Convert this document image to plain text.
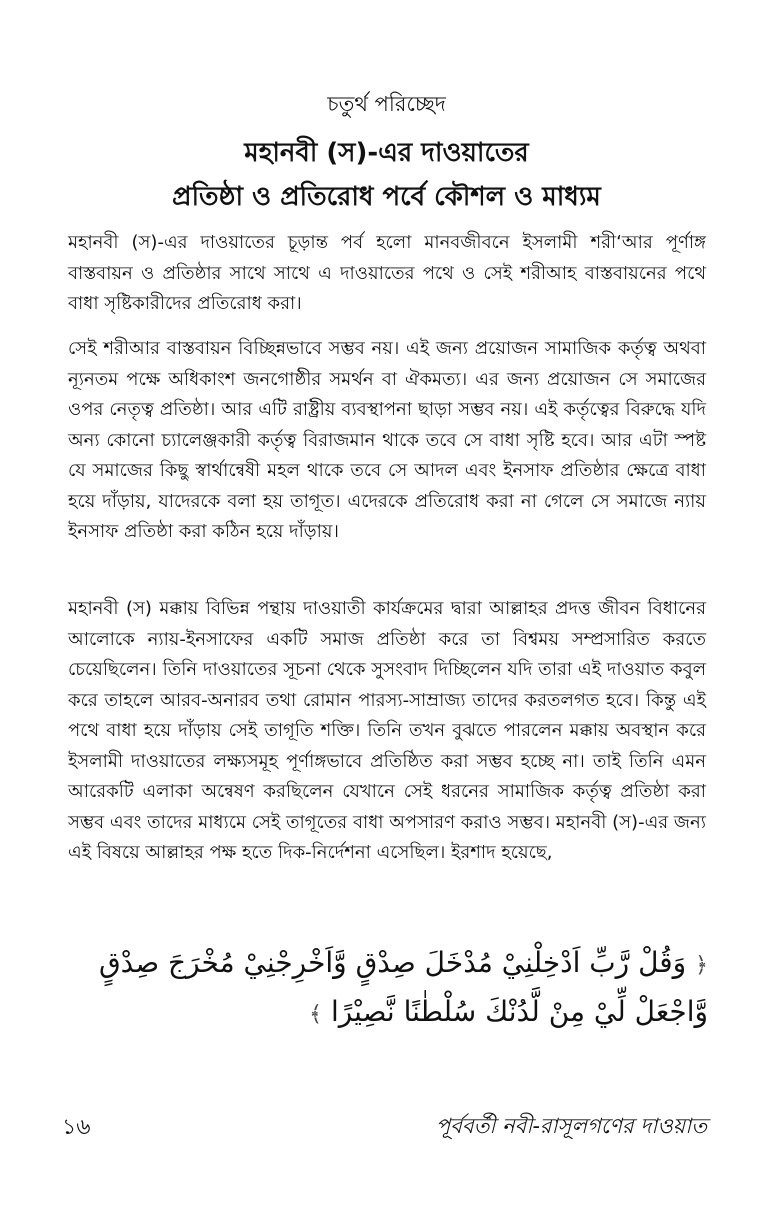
চতুর্থ পরিচ্ছেদ
মহানবী (স)-এর দাওয়াতের
প্রতিষ্ঠা ও প্রতিরোধ পর্বে কৌশল ও মাধ্যম

মহানবী (স)-এর দাওয়াতের চূড়ান্ত পর্ব হলো মানবজীবনে ইসলামী শরী‘আর পূর্ণাঙ্গ বাস্তবায়ন ও প্রতিষ্ঠার সাথে সাথে এ দাওয়াতের পথে ও সেই শরীআহ বাস্তবায়নের পথে বাধা সৃষ্টিকারীদের প্রতিরোধ করা।

সেই শরীআর বাস্তবায়ন বিচ্ছিন্নভাবে সম্ভব নয়। এই জন্য প্রয়োজন সামাজিক কর্তৃত্ব অথবা ন্যূনতম পক্ষে অধিকাংশ জনগোষ্ঠীর সমর্থন বা ঐকমত্য। এর জন্য প্রয়োজন সে সমাজের ওপর নেতৃত্ব প্রতিষ্ঠা। আর এটি রাষ্ট্রীয় ব্যবস্থাপনা ছাড়া সম্ভব নয়। এই কর্তৃত্বের বিরুদ্ধে যদি অন্য কোনো চ্যালেঞ্জকারী কর্তৃত্ব বিরাজমান থাকে তবে সে বাধা সৃষ্টি হবে। আর এটা স্পষ্ট যে সমাজের কিছু স্বার্থান্বেষী মহল থাকে তবে সে আদল এবং ইনসাফ প্রতিষ্ঠার ক্ষেত্রে বাধা হয়ে দাঁড়ায়, যাদেরকে বলা হয় তাগূত। এদেরকে প্রতিরোধ করা না গেলে সে সমাজে ন্যায় ইনসাফ প্রতিষ্ঠা করা কঠিন হয়ে দাঁড়ায়।

মহানবী (স) মক্কায় বিভিন্ন পন্থায় দাওয়াতী কার্যক্রমের দ্বারা আল্লাহর প্রদত্ত জীবন বিধানের আলোকে ন্যায়-ইনসাফের একটি সমাজ প্রতিষ্ঠা করে তা বিশ্বময় সম্প্রসারিত করতে চেয়েছিলেন। তিনি দাওয়াতের সূচনা থেকে সুসংবাদ দিচ্ছিলেন যদি তারা এই দাওয়াত কবুল করে তাহলে আরব-অনারব তথা রোমান পারস্য-সাম্রাজ্য তাদের করতলগত হবে। কিন্তু এই পথে বাধা হয়ে দাঁড়ায় সেই তাগূতি শক্তি। তিনি তখন বুঝতে পারলেন মক্কায় অবস্থান করে ইসলামী দাওয়াতের লক্ষ্যসমূহ পূর্ণাঙ্গভাবে প্রতিষ্ঠিত করা সম্ভব হচ্ছে না। তাই তিনি এমন আরেকটি এলাকা অন্বেষণ করছিলেন যেখানে সেই ধরনের সামাজিক কর্তৃত্ব প্রতিষ্ঠা করা সম্ভব এবং তাদের মাধ্যমে সেই তাগূতের বাধা অপসারণ করাও সম্ভব। মহানবী (স)-এর জন্য এই বিষয়ে আল্লাহর পক্ষ হতে দিক-নির্দেশনা এসেছিল। ইরশাদ হয়েছে,

﴿ وَقُلْ رَّبِّ اَدْخِلْنِيْ مُدْخَلَ صِدْقٍ وَّاَخْرِجْنِيْ مُخْرَجَ صِدْقٍ وَّاجْعَلْ لِّيْ مِنْ لَّدُنْكَ سُلْطٰنًا نَّصِيْرًا ﴾
১৬	পূর্ববর্তী নবী-রাসূলগণের দাওয়াত
